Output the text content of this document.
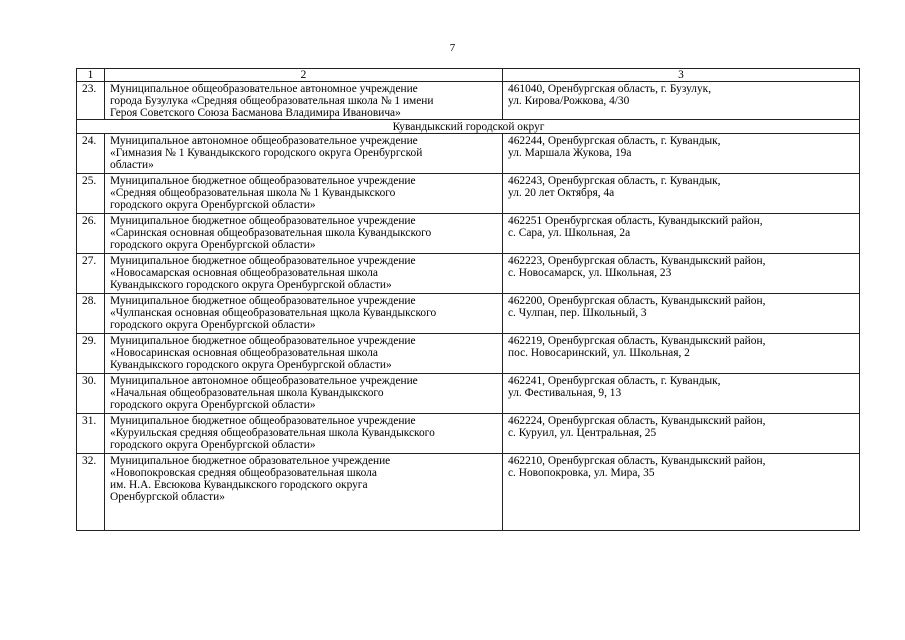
7
1	2	3
23.	Муниципальное общеобразовательное автономное учреждение
города Бузулука «Средняя общеобразовательная школа № 1 имени
Героя Советского Союза Басманова Владимира Ивановича»	461040, Оренбургская область, г. Бузулук,
ул. Кирова/Рожкова, 4/30
Кувандыкский городской округ		
24.	Муниципальное автономное общеобразовательное учреждение
«Гимназия № 1 Кувандыкского городского округа Оренбургской
области»	462244, Оренбургская область, г. Кувандык,
ул. Маршала Жукова, 19а
25.	Муниципальное бюджетное общеобразовательное учреждение
«Средняя общеобразовательная школа № 1 Кувандыкского
городского округа Оренбургской области»	462243, Оренбургская область, г. Кувандык,
ул. 20 лет Октября, 4а
26.	Муниципальное бюджетное общеобразовательное учреждение
«Саринская основная общеобразовательная школа Кувандыкского
городского округа Оренбургской области»	462251 Оренбургская область, Кувандыкский район,
с. Сара, ул. Школьная, 2а
27.	Муниципальное бюджетное общеобразовательное учреждение
«Новосамарская основная общеобразовательная школа
Кувандыкского городского округа Оренбургской области»	462223, Оренбургская область, Кувандыкский район,
с. Новосамарск, ул. Школьная, 23
28.	Муниципальное бюджетное общеобразовательное учреждение
«Чулпанская основная общеобразовательная щкола Кувандыкского
городского округа Оренбургской области»	462200, Оренбургская область, Кувандыкский район,
с. Чулпан, пер. Школьный, 3
29.	Муниципальное бюджетное общеобразовательное учреждение
«Новосаринская основная общеобразовательная школа
Кувандыкского городского округа Оренбургской области»	462219, Оренбургская область, Кувандыкский район,
пос. Новосаринский, ул. Школьная, 2
30.	Муниципальное автономное общеобразовательное учреждение
«Начальная общеобразовательная школа Кувандыкского
городского округа Оренбургской области»	462241, Оренбургская область, г. Кувандык,
ул. Фестивальная, 9, 13
31.	Муниципальное бюджетное общеобразовательное учреждение
«Куруильская средняя общеобразовательная школа Кувандыкского
городского округа Оренбургской области»	462224, Оренбургская область, Кувандыкский район,
с. Куруил, ул. Центральная, 25
32.	Муниципальное бюджетное образовательное учреждение
«Новопокровская средняя общеобразовательная школа
им. Н.А. Евсюкова Кувандыкского городского округа
Оренбургской области»	462210, Оренбургская область, Кувандыкский район,
с. Новопокровка, ул. Мира, 35
